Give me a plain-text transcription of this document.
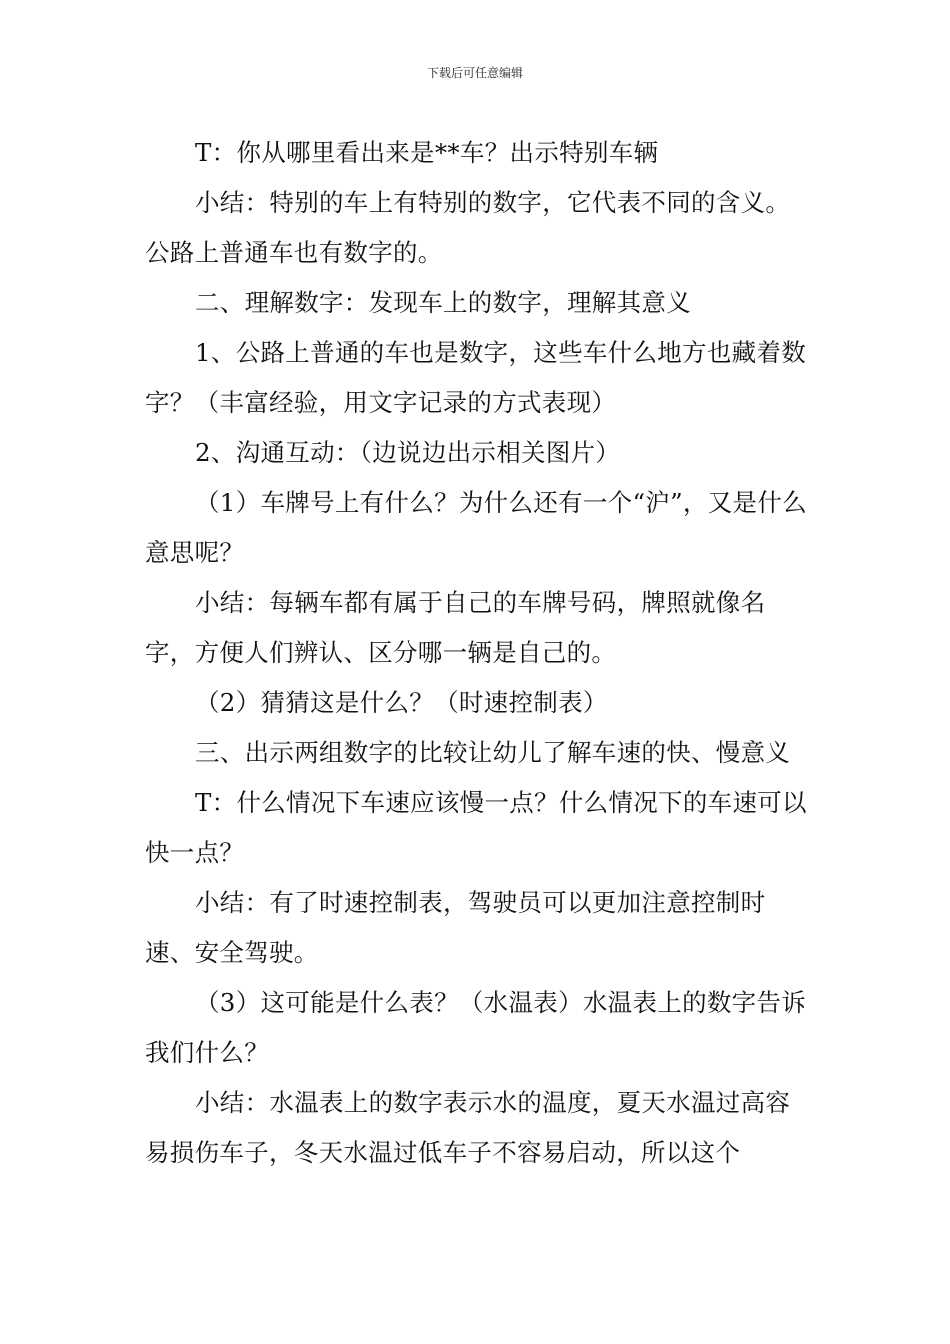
下载后可任意编辑

T：你从哪里看出来是**车？出示特别车辆

小结：特别的车上有特别的数字，它代表不同的含义。公路上普通车也有数字的。

二、理解数字：发现车上的数字，理解其意义

1、公路上普通的车也是数字，这些车什么地方也藏着数字？（丰富经验，用文字记录的方式表现）

2、沟通互动：（边说边出示相关图片）

（1）车牌号上有什么？为什么还有一个“沪”，又是什么意思呢？

小结：每辆车都有属于自己的车牌号码，牌照就像名字，方便人们辨认、区分哪一辆是自己的。

（2）猜猜这是什么？（时速控制表）

三、出示两组数字的比较让幼儿了解车速的快、慢意义

T：什么情况下车速应该慢一点？什么情况下的车速可以快一点？

小结：有了时速控制表，驾驶员可以更加注意控制时速、安全驾驶。

（3）这可能是什么表？（水温表）水温表上的数字告诉我们什么？

小结：水温表上的数字表示水的温度，夏天水温过高容易损伤车子，冬天水温过低车子不容易启动，所以这个
